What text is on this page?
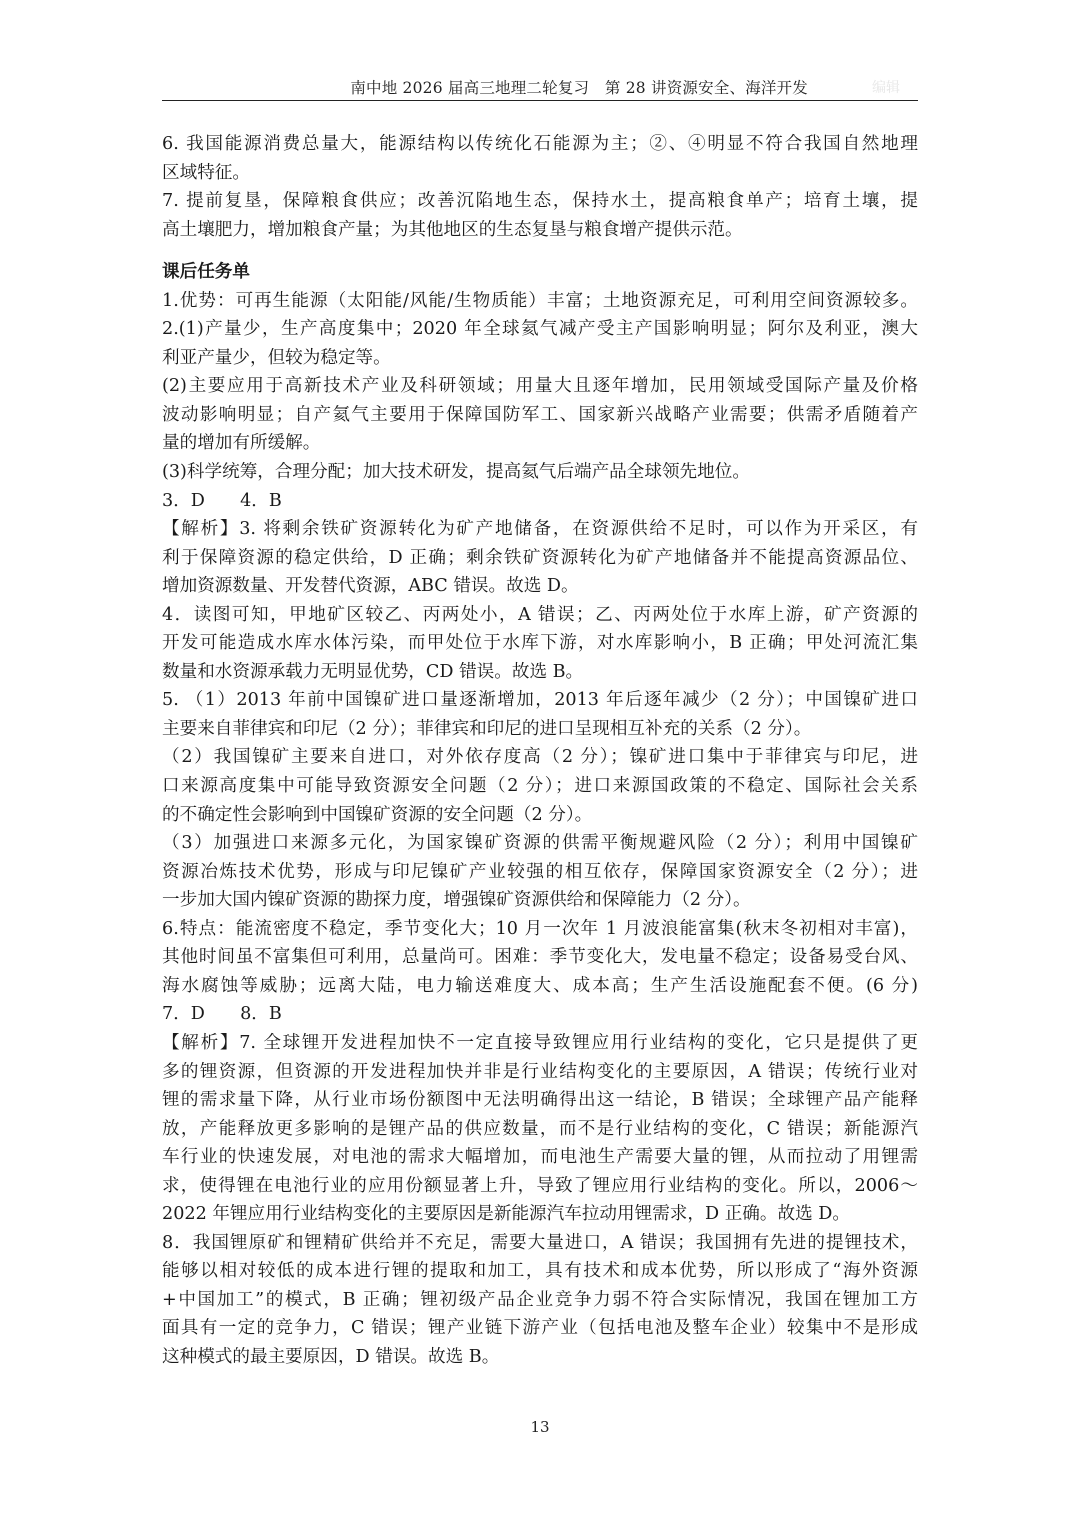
南中地 2026 届高三地理二轮复习　第 28 讲资源安全、海洋开发	编辑
6. 我国能源消费总量大，能源结构以传统化石能源为主；②、④明显不符合我国自然地理
区域特征。
7. 提前复垦，保障粮食供应；改善沉陷地生态，保持水土，提高粮食单产；培育土壤，提
高土壤肥力，增加粮食产量；为其他地区的生态复垦与粮食增产提供示范。
课后任务单
1.优势：可再生能源（太阳能/风能/生物质能）丰富；土地资源充足，可利用空间资源较多。
2.(1)产量少，生产高度集中；2020 年全球氦气减产受主产国影响明显；阿尔及利亚，澳大
利亚产量少，但较为稳定等。
(2)主要应用于高新技术产业及科研领域；用量大且逐年增加，民用领域受国际产量及价格
波动影响明显；自产氦气主要用于保障国防军工、国家新兴战略产业需要；供需矛盾随着产
量的增加有所缓解。
(3)科学统筹，合理分配；加大技术研发，提高氦气后端产品全球领先地位。
3．D　　4．B
【解析】3. 将剩余铁矿资源转化为矿产地储备，在资源供给不足时，可以作为开采区，有
利于保障资源的稳定供给，D 正确；剩余铁矿资源转化为矿产地储备并不能提高资源品位、
增加资源数量、开发替代资源，ABC 错误。故选 D。
4．读图可知，甲地矿区较乙、丙两处小，A 错误；乙、丙两处位于水库上游，矿产资源的
开发可能造成水库水体污染，而甲处位于水库下游，对水库影响小，B 正确；甲处河流汇集
数量和水资源承载力无明显优势，CD 错误。故选 B。
5. （1）2013 年前中国镍矿进口量逐渐增加，2013 年后逐年减少（2 分）；中国镍矿进口
主要来自菲律宾和印尼（2 分）；菲律宾和印尼的进口呈现相互补充的关系（2 分）。
（2）我国镍矿主要来自进口，对外依存度高（2 分）；镍矿进口集中于菲律宾与印尼，进
口来源高度集中可能导致资源安全问题（2 分）；进口来源国政策的不稳定、国际社会关系
的不确定性会影响到中国镍矿资源的安全问题（2 分）。
（3）加强进口来源多元化，为国家镍矿资源的供需平衡规避风险（2 分）；利用中国镍矿
资源冶炼技术优势，形成与印尼镍矿产业较强的相互依存，保障国家资源安全（2 分）；进
一步加大国内镍矿资源的勘探力度，增强镍矿资源供给和保障能力（2 分）。
6.特点：能流密度不稳定，季节变化大；10 月一次年 1 月波浪能富集(秋末冬初相对丰富)，
其他时间虽不富集但可利用，总量尚可。困难：季节变化大，发电量不稳定；设备易受台风、
海水腐蚀等威胁；远离大陆，电力输送难度大、成本高；生产生活设施配套不便。(6 分)
7．D　　8．B
【解析】7. 全球锂开发进程加快不一定直接导致锂应用行业结构的变化，它只是提供了更
多的锂资源，但资源的开发进程加快并非是行业结构变化的主要原因，A 错误；传统行业对
锂的需求量下降，从行业市场份额图中无法明确得出这一结论，B 错误；全球锂产品产能释
放，产能释放更多影响的是锂产品的供应数量，而不是行业结构的变化，C 错误；新能源汽
车行业的快速发展，对电池的需求大幅增加，而电池生产需要大量的锂，从而拉动了用锂需
求，使得锂在电池行业的应用份额显著上升，导致了锂应用行业结构的变化。所以，2006～
2022 年锂应用行业结构变化的主要原因是新能源汽车拉动用锂需求，D 正确。故选 D。
8．我国锂原矿和锂精矿供给并不充足，需要大量进口，A 错误；我国拥有先进的提锂技术，
能够以相对较低的成本进行锂的提取和加工，具有技术和成本优势，所以形成了“海外资源
+中国加工”的模式，B 正确；锂初级产品企业竞争力弱不符合实际情况，我国在锂加工方
面具有一定的竞争力，C 错误；锂产业链下游产业（包括电池及整车企业）较集中不是形成
这种模式的最主要原因，D 错误。故选 B。
13
